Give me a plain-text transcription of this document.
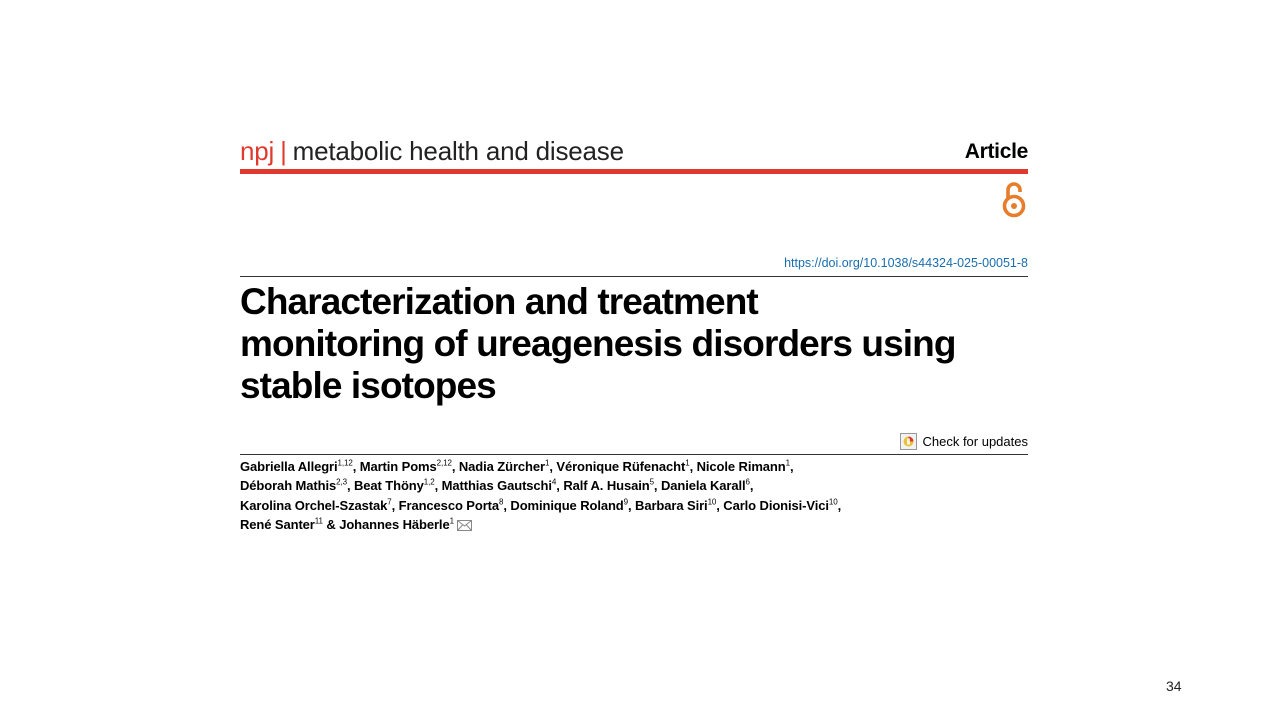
npj | metabolic health and disease	Article
https://doi.org/10.1038/s44324-025-00051-8
Characterization and treatment
monitoring of ureagenesis disorders using
stable isotopes
Check for updates
Gabriella Allegri$^{1,12}$, Martin Poms$^{2,12}$, Nadia Zürcher$^1$, Véronique Rüfenacht$^1$, Nicole Rimann$^1$,
Déborah Mathis$^{2,3}$, Beat Thöny$^{1,2}$, Matthias Gautschi$^4$, Ralf A. Husain$^5$, Daniela Karall$^6$,
Karolina Orchel-Szastak$^7$, Francesco Porta$^8$, Dominique Roland$^9$, Barbara Siri$^{10}$, Carlo Dionisi-Vici$^{10}$,
René Santer$^{11}$ & Johannes Häberle$^1$
34
